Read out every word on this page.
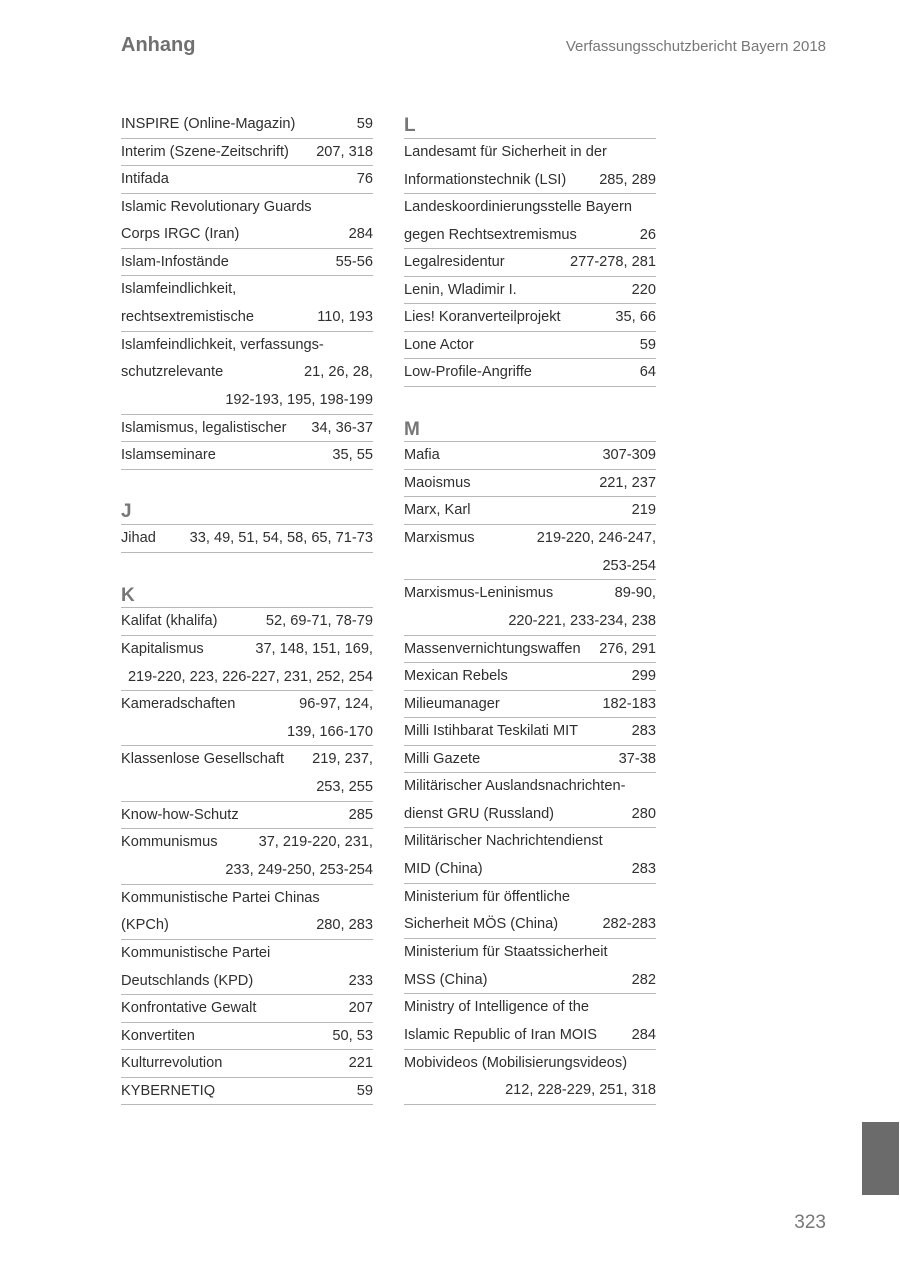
Anhang	Verfassungsschutzbericht Bayern 2018
INSPIRE (Online-Magazin)	59
Interim (Szene-Zeitschrift) 207, 318
Intifada	76
Islamic Revolutionary Guards
Corps IRGC (Iran)	284
Islam-Infostände	55-56
Islamfeindlichkeit,
rechtsextremistische	110, 193
Islamfeindlichkeit, verfassungs-
schutzrelevante	21, 26, 28,
192-193, 195, 198-199
Islamismus, legalistischer 34, 36-37
Islamseminare	35, 55
J
Jihad 33, 49, 51, 54, 58, 65, 71-73
K
Kalifat (khalifa)	52, 69-71, 78-79
Kapitalismus	37, 148, 151, 169,
219-220, 223, 226-227, 231, 252, 254
Kameradschaften	96-97, 124,
139, 166-170
Klassenlose Gesellschaft 219, 237,
253, 255
Know-how-Schutz	285
Kommunismus	37, 219-220, 231,
233, 249-250, 253-254
Kommunistische Partei Chinas
(KPCh)	280, 283
Kommunistische Partei
Deutschlands (KPD)	233
Konfrontative Gewalt	207
Konvertiten	50, 53
Kulturrevolution	221
KYBERNETIQ	59
L
Landesamt für Sicherheit in der
Informationstechnik (LSI) 285, 289
Landeskoordinierungsstelle Bayern
gegen Rechtsextremismus	26
Legalresidentur	277-278, 281
Lenin, Wladimir I.	220
Lies! Koranverteilprojekt	35, 66
Lone Actor	59
Low-Profile-Angriffe	64
M
Mafia	307-309
Maoismus	221, 237
Marx, Karl	219
Marxismus	219-220, 246-247,
253-254
Marxismus-Leninismus	89-90,
220-221, 233-234, 238
Massenvernichtungswaffen 276, 291
Mexican Rebels	299
Milieumanager	182-183
Milli Istihbarat Teskilati MIT	283
Milli Gazete	37-38
Militärischer Auslandsnachrichten-
dienst GRU (Russland)	280
Militärischer Nachrichtendienst
MID (China)	283
Ministerium für öffentliche
Sicherheit MÖS (China)	282-283
Ministerium für Staatssicherheit
MSS (China)	282
Ministry of Intelligence of the
Islamic Republic of Iran MOIS 284
Mobivideos (Mobilisierungsvideos)
212, 228-229, 251, 318
323
